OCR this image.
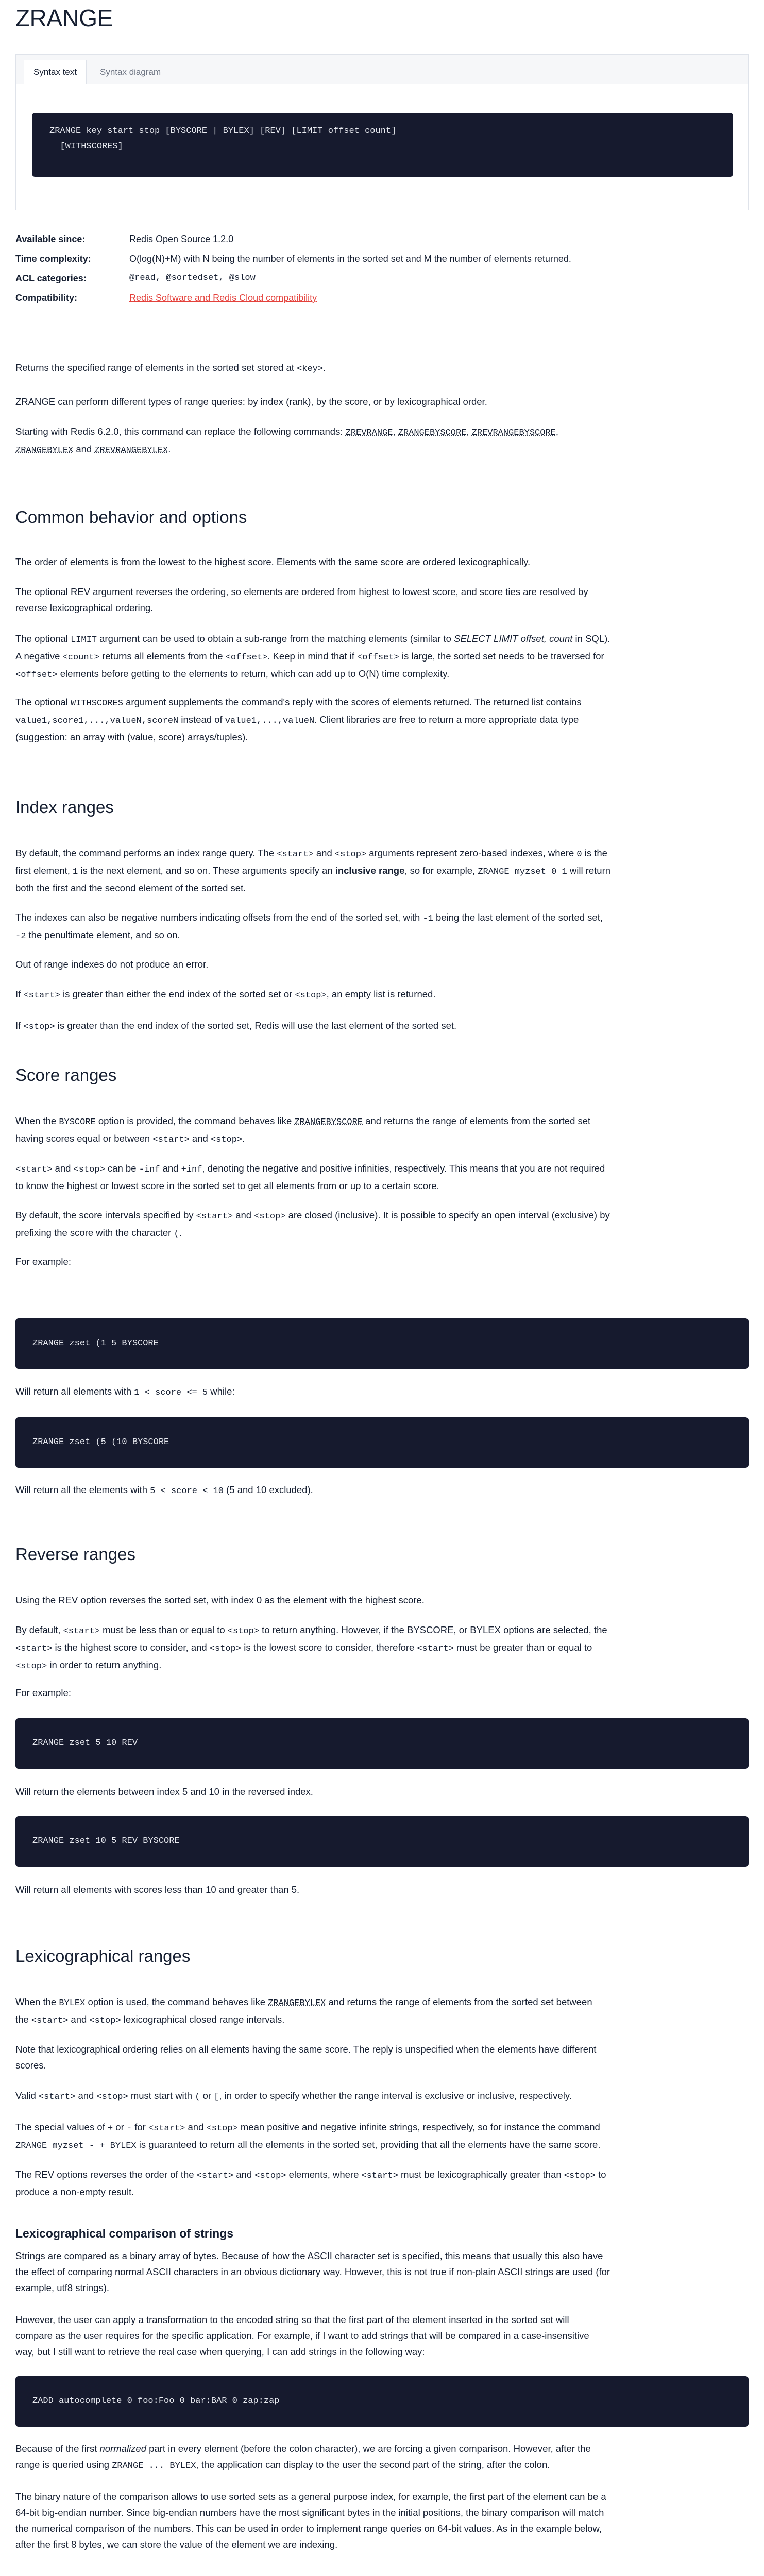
ZRANGE
Syntax text	Syntax diagram
ZRANGE key start stop [BYSCORE | BYLEX] [REV] [LIMIT offset count]
[WITHSCORES]
Available since:	Redis Open Source 1.2.0
Time complexity:	O(log(N)+M) with N being the number of elements in the sorted set and M the number of elements returned.
ACL categories:	@read, @sortedset, @slow
Compatibility:	Redis Software and Redis Cloud compatibility

Returns the specified range of elements in the sorted set stored at <key>.

ZRANGE can perform different types of range queries: by index (rank), by the score, or by lexicographical order.

Starting with Redis 6.2.0, this command can replace the following commands: ZREVRANGE, ZRANGEBYSCORE, ZREVRANGEBYSCORE,
ZRANGEBYLEX and ZREVRANGEBYLEX.

Common behavior and options

The order of elements is from the lowest to the highest score. Elements with the same score are ordered lexicographically.

The optional REV argument reverses the ordering, so elements are ordered from highest to lowest score, and score ties are resolved by
reverse lexicographical ordering.

The optional LIMIT argument can be used to obtain a sub-range from the matching elements (similar to SELECT LIMIT offset, count in SQL).
A negative <count> returns all elements from the <offset>. Keep in mind that if <offset> is large, the sorted set needs to be traversed for
<offset> elements before getting to the elements to return, which can add up to O(N) time complexity.

The optional WITHSCORES argument supplements the command's reply with the scores of elements returned. The returned list contains
value1,score1,...,valueN,scoreN instead of value1,...,valueN. Client libraries are free to return a more appropriate data type
(suggestion: an array with (value, score) arrays/tuples).

Index ranges

By default, the command performs an index range query. The <start> and <stop> arguments represent zero-based indexes, where 0 is the
first element, 1 is the next element, and so on. These arguments specify an inclusive range, so for example, ZRANGE myzset 0 1 will return
both the first and the second element of the sorted set.

The indexes can also be negative numbers indicating offsets from the end of the sorted set, with -1 being the last element of the sorted set,
-2 the penultimate element, and so on.

Out of range indexes do not produce an error.

If <start> is greater than either the end index of the sorted set or <stop>, an empty list is returned.

If <stop> is greater than the end index of the sorted set, Redis will use the last element of the sorted set.

Score ranges

When the BYSCORE option is provided, the command behaves like ZRANGEBYSCORE and returns the range of elements from the sorted set
having scores equal or between <start> and <stop>.

<start> and <stop> can be -inf and +inf, denoting the negative and positive infinities, respectively. This means that you are not required
to know the highest or lowest score in the sorted set to get all elements from or up to a certain score.

By default, the score intervals specified by <start> and <stop> are closed (inclusive). It is possible to specify an open interval (exclusive) by
prefixing the score with the character (.

For example:

ZRANGE zset (1 5 BYSCORE

Will return all elements with 1 < score <= 5 while:

ZRANGE zset (5 (10 BYSCORE

Will return all the elements with 5 < score < 10 (5 and 10 excluded).

Reverse ranges

Using the REV option reverses the sorted set, with index 0 as the element with the highest score.

By default, <start> must be less than or equal to <stop> to return anything. However, if the BYSCORE, or BYLEX options are selected, the
<start> is the highest score to consider, and <stop> is the lowest score to consider, therefore <start> must be greater than or equal to
<stop> in order to return anything.

For example:

ZRANGE zset 5 10 REV

Will return the elements between index 5 and 10 in the reversed index.

ZRANGE zset 10 5 REV BYSCORE

Will return all elements with scores less than 10 and greater than 5.

Lexicographical ranges

When the BYLEX option is used, the command behaves like ZRANGEBYLEX and returns the range of elements from the sorted set between
the <start> and <stop> lexicographical closed range intervals.

Note that lexicographical ordering relies on all elements having the same score. The reply is unspecified when the elements have different
scores.

Valid <start> and <stop> must start with ( or [, in order to specify whether the range interval is exclusive or inclusive, respectively.

The special values of + or - for <start> and <stop> mean positive and negative infinite strings, respectively, so for instance the command
ZRANGE myzset - + BYLEX is guaranteed to return all the elements in the sorted set, providing that all the elements have the same score.

The REV options reverses the order of the <start> and <stop> elements, where <start> must be lexicographically greater than <stop> to
produce a non-empty result.

Lexicographical comparison of strings

Strings are compared as a binary array of bytes. Because of how the ASCII character set is specified, this means that usually this also have
the effect of comparing normal ASCII characters in an obvious dictionary way. However, this is not true if non-plain ASCII strings are used (for
example, utf8 strings).

However, the user can apply a transformation to the encoded string so that the first part of the element inserted in the sorted set will
compare as the user requires for the specific application. For example, if I want to add strings that will be compared in a case-insensitive
way, but I still want to retrieve the real case when querying, I can add strings in the following way:

ZADD autocomplete 0 foo:Foo 0 bar:BAR 0 zap:zap

Because of the first normalized part in every element (before the colon character), we are forcing a given comparison. However, after the
range is queried using ZRANGE ... BYLEX, the application can display to the user the second part of the string, after the colon.

The binary nature of the comparison allows to use sorted sets as a general purpose index, for example, the first part of the element can be a
64-bit big-endian number. Since big-endian numbers have the most significant bytes in the initial positions, the binary comparison will match
the numerical comparison of the numbers. This can be used in order to implement range queries on 64-bit values. As in the example below,
after the first 8 bytes, we can store the value of the element we are indexing.
